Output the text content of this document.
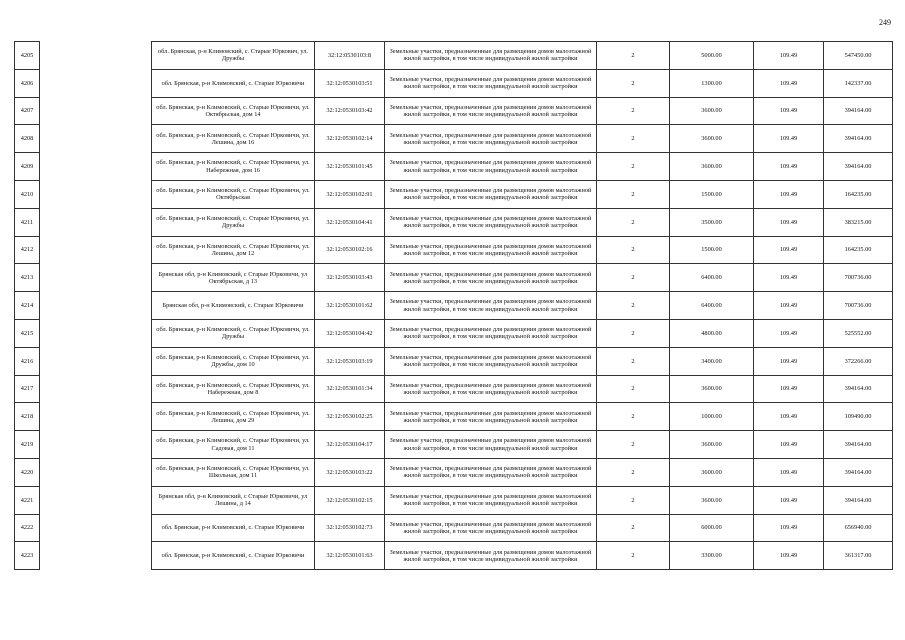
249
4205		обл. Брянская, р-н Климовский, с. Старые Юркович, ул. Дружбы	32:12:0530103:8	Земельные участки, предназначенные для размещения домов малоэтажной жилой застройки, в том числе индивидуальной жилой застройки	2	5000.00	109.49	547450.00
4206		обл. Брянская, р-н Климовский, с. Старые Юрковичи	32:12:0530103:51	Земельные участки, предназначенные для размещения домов малоэтажной жилой застройки, в том числе индивидуальной жилой застройки	2	1300.00	109.49	142337.00
4207		обл. Брянская, р-н Климовский, с. Старые Юрковичи, ул. Октябрьская, дом 14	32:12:0530103:42	Земельные участки, предназначенные для размещения домов малоэтажной жилой застройки, в том числе индивидуальной жилой застройки	2	3600.00	109.49	394164.00
4208		обл. Брянская, р-н Климовский, с. Старые Юрковичи, ул. Лешина, дом 16	32:12:0530102:14	Земельные участки, предназначенные для размещения домов малоэтажной жилой застройки, в том числе индивидуальной жилой застройки	2	3600.00	109.49	394164.00
4209		обл. Брянская, р-н Климовский, с. Старые Юрковичи, ул. Набережная, дом 16	32:12:0530101:45	Земельные участки, предназначенные для размещения домов малоэтажной жилой застройки, в том числе индивидуальной жилой застройки	2	3600.00	109.49	394164.00
4210		обл. Брянская, р-н Климовский, с. Старые Юрковичи, ул. Октябрьская	32:12:0530102:91	Земельные участки, предназначенные для размещения домов малоэтажной жилой застройки, в том числе индивидуальной жилой застройки	2	1500.00	109.49	164235.00
4211		обл. Брянская, р-н Климовский, с. Старые Юрковичи, ул. Дружбы	32:12:0530104:41	Земельные участки, предназначенные для размещения домов малоэтажной жилой застройки, в том числе индивидуальной жилой застройки	2	3500.00	109.49	383215.00
4212		обл. Брянская, р-н Климовский, с. Старые Юрковичи, ул. Лешина, дом 12	32:12:0530102:16	Земельные участки, предназначенные для размещения домов малоэтажной жилой застройки, в том числе индивидуальной жилой застройки	2	1500.00	109.49	164235.00
4213		Брянская обл, р-н Климовский, с Старые Юрковичи, ул Октябрьская, д 13	32:12:0530103:43	Земельные участки, предназначенные для размещения домов малоэтажной жилой застройки, в том числе индивидуальной жилой застройки	2	6400.00	109.49	700736.00
4214		Брянская обл, р-н Климовский, с. Старые Юрковичи	32:12:0530101:62	Земельные участки, предназначенные для размещения домов малоэтажной жилой застройки, в том числе индивидуальной жилой застройки	2	6400.00	109.49	700736.00
4215		обл. Брянская, р-н Климовский, с. Старые Юрковичи, ул. Дружбы	32:12:0530104:42	Земельные участки, предназначенные для размещения домов малоэтажной жилой застройки, в том числе индивидуальной жилой застройки	2	4800.00	109.49	525552.00
4216		обл. Брянская, р-н Климовский, с. Старые Юрковичи, ул. Дружбы, дом 10	32:12:0530103:19	Земельные участки, предназначенные для размещения домов малоэтажной жилой застройки, в том числе индивидуальной жилой застройки	2	3400.00	109.49	372266.00
4217		обл. Брянская, р-н Климовский, с. Старые Юрковичи, ул. Набережная, дом 8	32:12:0530101:34	Земельные участки, предназначенные для размещения домов малоэтажной жилой застройки, в том числе индивидуальной жилой застройки	2	3600.00	109.49	394164.00
4218		обл. Брянская, р-н Климовский, с. Старые Юрковичи, ул. Лешина, дом 29	32:12:0530102:25	Земельные участки, предназначенные для размещения домов малоэтажной жилой застройки, в том числе индивидуальной жилой застройки	2	1000.00	109.49	109490.00
4219		обл. Брянская, р-н Климовский, с. Старые Юрковичи, ул. Садовая, дом 11	32:12:0530104:17	Земельные участки, предназначенные для размещения домов малоэтажной жилой застройки, в том числе индивидуальной жилой застройки	2	3600.00	109.49	394164.00
4220		обл. Брянская, р-н Климовский, с. Старые Юрковичи, ул. Школьная, дом 11	32:12:0530103:22	Земельные участки, предназначенные для размещения домов малоэтажной жилой застройки, в том числе индивидуальной жилой застройки	2	3600.00	109.49	394164.00
4221		Брянская обл, р-н Климовский, с Старые Юрковичи, ул Лешина, д 14	32:12:0530102:15	Земельные участки, предназначенные для размещения домов малоэтажной жилой застройки, в том числе индивидуальной жилой застройки	2	3600.00	109.49	394164.00
4222		обл. Брянская, р-н Климовский, с. Старые Юрковичи	32:12:0530102:73	Земельные участки, предназначенные для размещения домов малоэтажной жилой застройки, в том числе индивидуальной жилой застройки	2	6000.00	109.49	656940.00
4223		обл. Брянская, р-н Климовский, с. Старые Юрковичи	32:12:0530101:63	Земельные участки, предназначенные для размещения домов малоэтажной жилой застройки, в том числе индивидуальной жилой застройки	2	3300.00	109.49	361317.00
